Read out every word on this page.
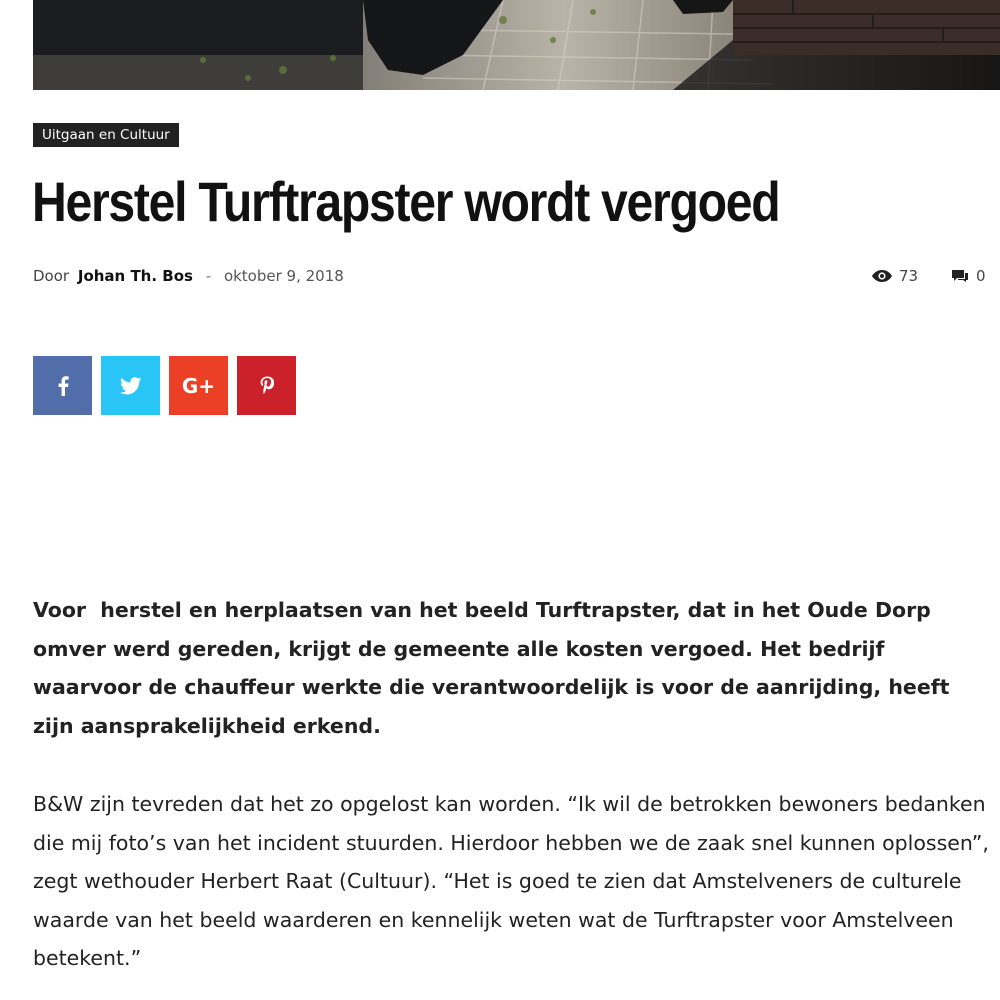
Uitgaan en Cultuur
Herstel Turftrapster wordt vergoed
Door Johan Th. Bos - oktober 9, 2018	73	0
G+

Voor  herstel en herplaatsen van het beeld Turftrapster, dat in het Oude Dorp omver werd gereden, krijgt de gemeente alle kosten vergoed. Het bedrijf waarvoor de chauffeur werkte die verantwoordelijk is voor de aanrijding, heeft zijn aansprakelijkheid erkend.

B&W zijn tevreden dat het zo opgelost kan worden. “Ik wil de betrokken bewoners bedanken die mij foto’s van het incident stuurden. Hierdoor hebben we de zaak snel kunnen oplossen”, zegt wethouder Herbert Raat (Cultuur). “Het is goed te zien dat Amstelveners de culturele waarde van het beeld waarderen en kennelijk weten wat de Turftrapster voor Amstelveen betekent.”
